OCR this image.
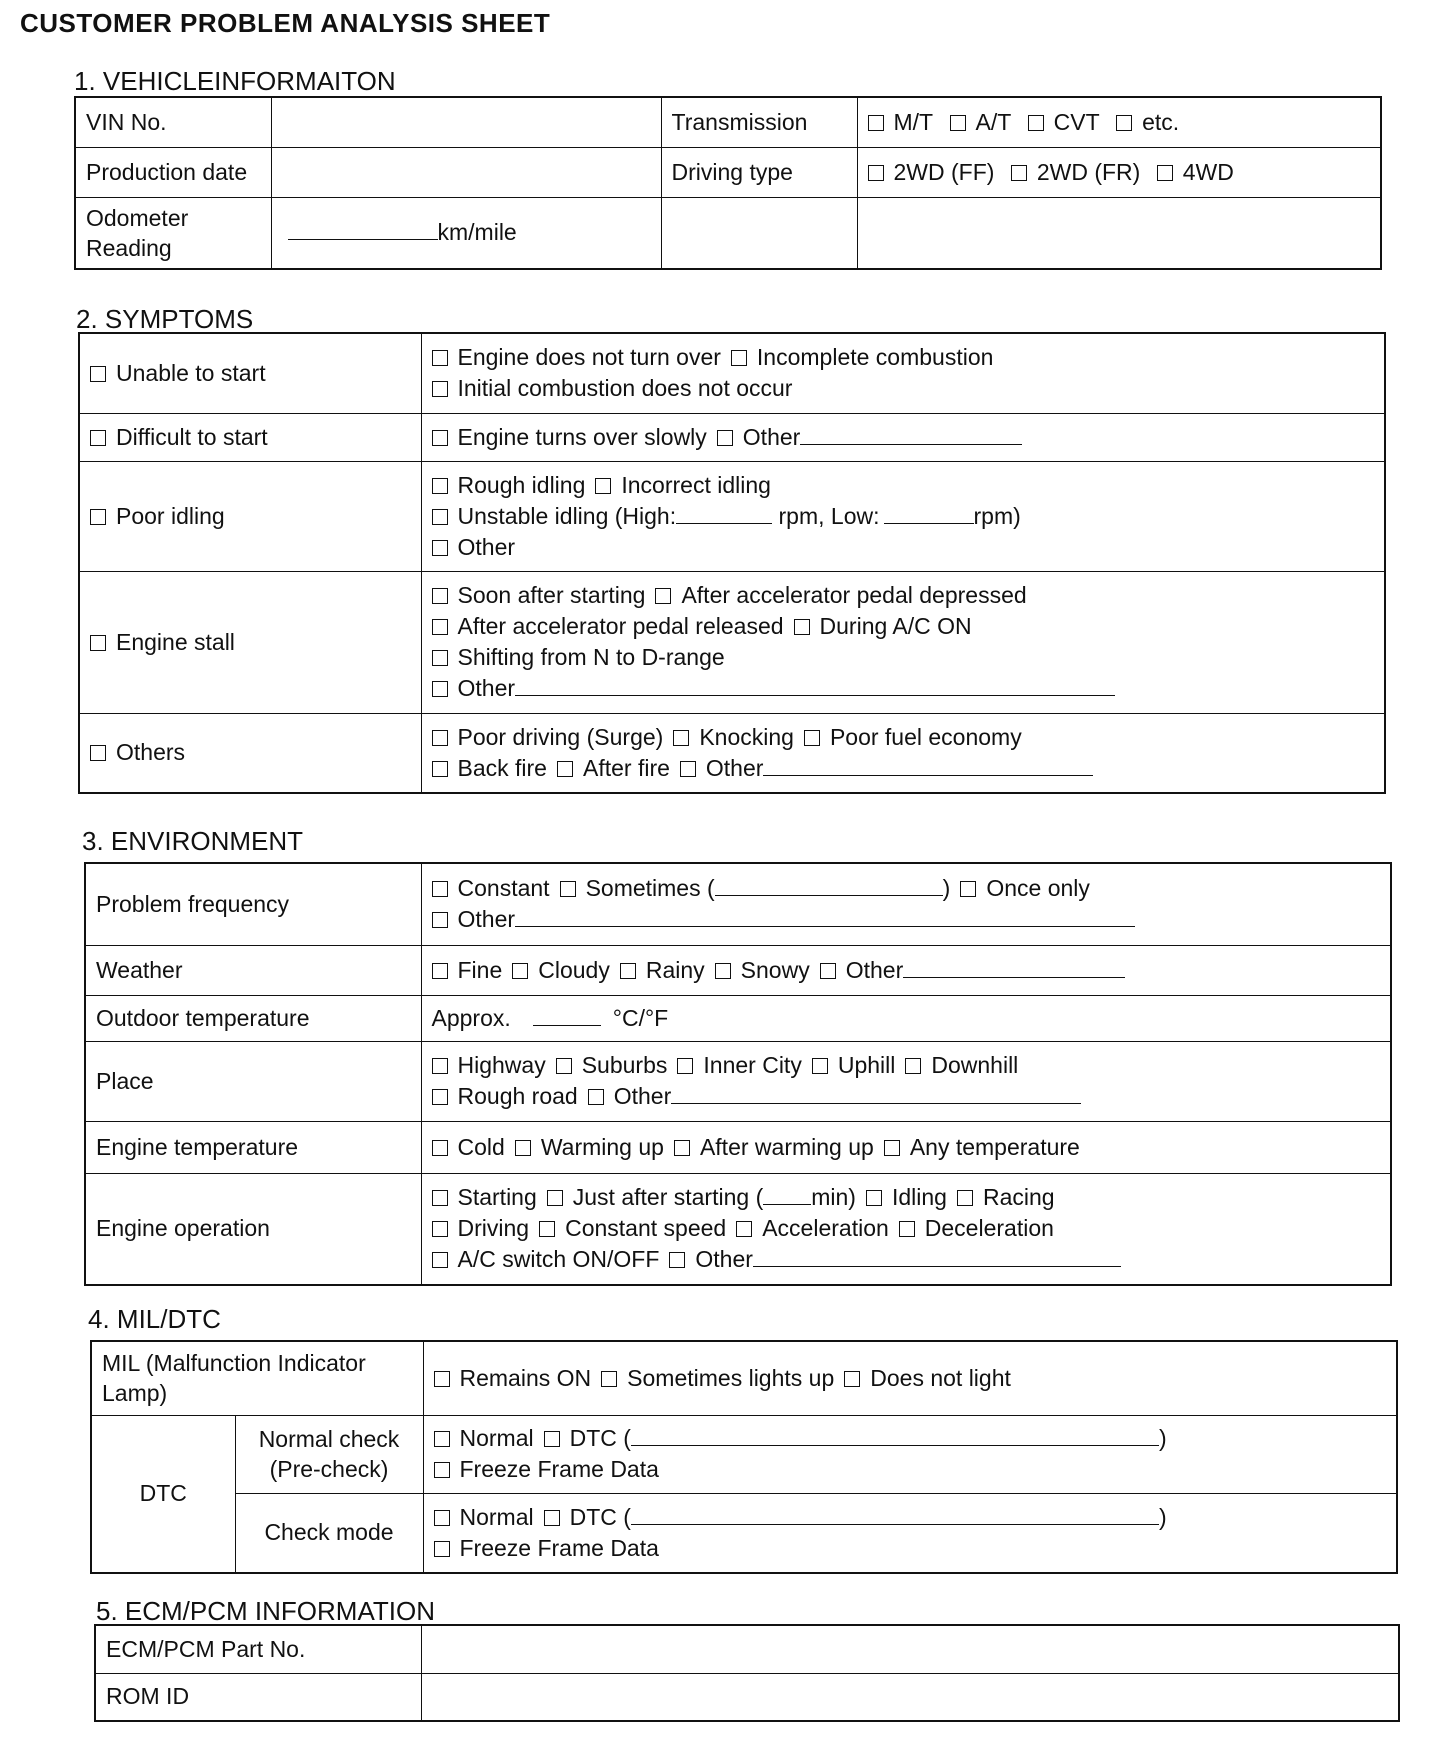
CUSTOMER PROBLEM ANALYSIS SHEET
1. VEHICLEINFORMAITON
VIN No.		Transmission	M/T A/T CVT etc.
Production date		Driving type	2WD (FF) 2WD (FR) 4WD
Odometer Reading	km/mile		
2. SYMPTOMS
Unable to start	Engine does not turn over Incomplete combustion
Initial combustion does not occur

Difficult to start	Engine turns over slowly Other

Poor idling	Rough idling Incorrect idling
Unstable idling (High: rpm, Low: rpm)
Other

Engine stall	Soon after starting After accelerator pedal depressed
After accelerator pedal released During A/C ON
Shifting from N to D-range
Other

Others	Poor driving (Surge) Knocking Poor fuel economy
Back fire After fire Other
3. ENVIRONMENT
Problem frequency	Constant Sometimes ( ) Once only
Other

Weather	Fine Cloudy Rainy Snowy Other
Outdoor temperature	Approx. °C/°F
Place	Highway Suburbs Inner City Uphill Downhill
Rough road Other

Engine temperature	Cold Warming up After warming up Any temperature
Engine operation	Starting Just after starting ( min) Idling Racing
Driving Constant speed Acceleration Deceleration
A/C switch ON/OFF Other
4. MIL/DTC
MIL (Malfunction Indicator Lamp)		Remains ON Sometimes lights up Does not light
DTC	Normal check (Pre-check)	Normal DTC ( )
Freeze Frame Data

	Check mode	Normal DTC ( )
Freeze Frame Data
5. ECM/PCM INFORMATION
ECM/PCM Part No.	
ROM ID	
